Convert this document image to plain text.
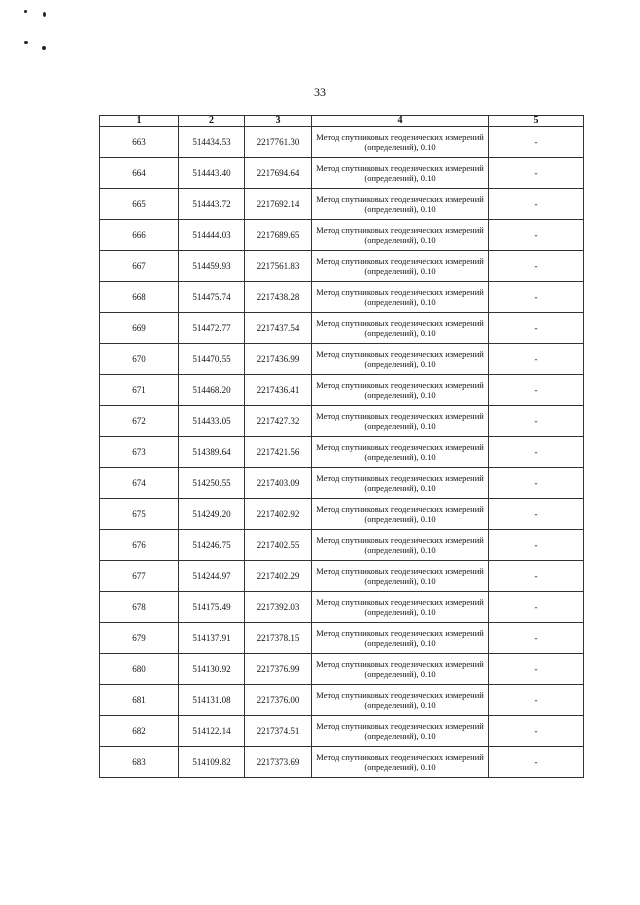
33
1	2	3	4	5
663	514434.53	2217761.30	Метод спутниковых геодезических измерений (определений), 0.10	-
664	514443.40	2217694.64	Метод спутниковых геодезических измерений (определений), 0.10	-
665	514443.72	2217692.14	Метод спутниковых геодезических измерений (определений), 0.10	-
666	514444.03	2217689.65	Метод спутниковых геодезических измерений (определений), 0.10	-
667	514459.93	2217561.83	Метод спутниковых геодезических измерений (определений), 0.10	-
668	514475.74	2217438.28	Метод спутниковых геодезических измерений (определений), 0.10	-
669	514472.77	2217437.54	Метод спутниковых геодезических измерений (определений), 0.10	-
670	514470.55	2217436.99	Метод спутниковых геодезических измерений (определений), 0.10	-
671	514468.20	2217436.41	Метод спутниковых геодезических измерений (определений), 0.10	-
672	514433.05	2217427.32	Метод спутниковых геодезических измерений (определений), 0.10	-
673	514389.64	2217421.56	Метод спутниковых геодезических измерений (определений), 0.10	-
674	514250.55	2217403.09	Метод спутниковых геодезических измерений (определений), 0.10	-
675	514249.20	2217402.92	Метод спутниковых геодезических измерений (определений), 0.10	-
676	514246.75	2217402.55	Метод спутниковых геодезических измерений (определений), 0.10	-
677	514244.97	2217402.29	Метод спутниковых геодезических измерений (определений), 0.10	-
678	514175.49	2217392.03	Метод спутниковых геодезических измерений (определений), 0.10	-
679	514137.91	2217378.15	Метод спутниковых геодезических измерений (определений), 0.10	-
680	514130.92	2217376.99	Метод спутниковых геодезических измерений (определений), 0.10	-
681	514131.08	2217376.00	Метод спутниковых геодезических измерений (определений), 0.10	-
682	514122.14	2217374.51	Метод спутниковых геодезических измерений (определений), 0.10	-
683	514109.82	2217373.69	Метод спутниковых геодезических измерений (определений), 0.10	-
